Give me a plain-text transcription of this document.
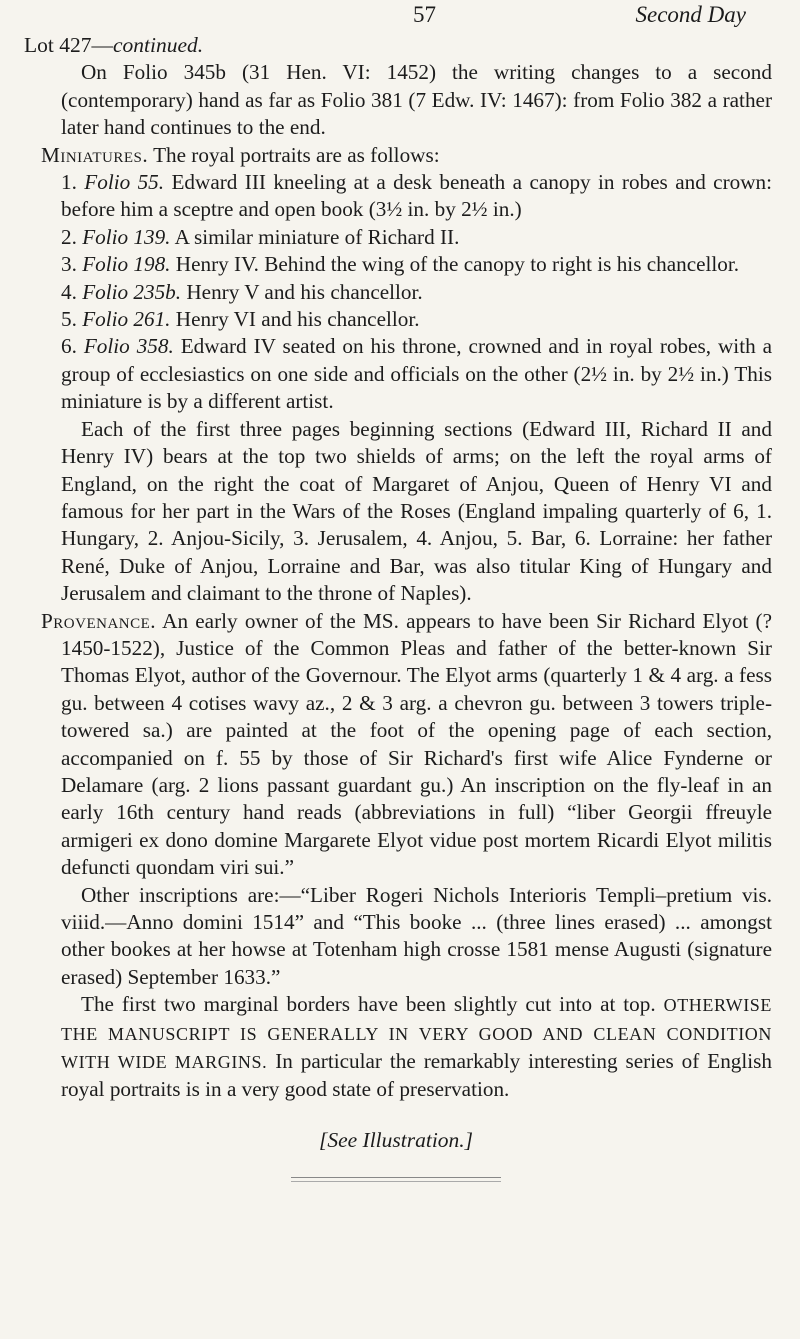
57	Second Day
Lot 427—continued.

On Folio 345b (31 Hen. VI: 1452) the writing changes to a second (contemporary) hand as far as Folio 381 (7 Edw. IV: 1467): from Folio 382 a rather later hand continues to the end.

Miniatures. The royal portraits are as follows:

1. Folio 55. Edward III kneeling at a desk beneath a canopy in robes and crown: before him a sceptre and open book (3½ in. by 2½ in.)

2. Folio 139. A similar miniature of Richard II.

3. Folio 198. Henry IV. Behind the wing of the canopy to right is his chancellor.

4. Folio 235b. Henry V and his chancellor.

5. Folio 261. Henry VI and his chancellor.

6. Folio 358. Edward IV seated on his throne, crowned and in royal robes, with a group of ecclesiastics on one side and officials on the other (2½ in. by 2½ in.) This miniature is by a different artist.

Each of the first three pages beginning sections (Edward III, Richard II and Henry IV) bears at the top two shields of arms; on the left the royal arms of England, on the right the coat of Margaret of Anjou, Queen of Henry VI and famous for her part in the Wars of the Roses (England impaling quarterly of 6, 1. Hungary, 2. Anjou-Sicily, 3. Jerusalem, 4. Anjou, 5. Bar, 6. Lorraine: her father René, Duke of Anjou, Lorraine and Bar, was also titular King of Hungary and Jerusalem and claimant to the throne of Naples).

Provenance. An early owner of the MS. appears to have been Sir Richard Elyot (?1450-1522), Justice of the Common Pleas and father of the better-known Sir Thomas Elyot, author of the Governour. The Elyot arms (quarterly 1 & 4 arg. a fess gu. between 4 cotises wavy az., 2 & 3 arg. a chevron gu. between 3 towers triple-towered sa.) are painted at the foot of the opening page of each section, accompanied on f. 55 by those of Sir Richard's first wife Alice Fynderne or Delamare (arg. 2 lions passant guardant gu.) An inscription on the fly-leaf in an early 16th century hand reads (abbreviations in full) “liber Georgii ffreuyle armigeri ex dono domine Margarete Elyot vidue post mortem Ricardi Elyot militis defuncti quondam viri sui.”

Other inscriptions are:—“Liber Rogeri Nichols Interioris Templi–pretium vis. viiid.—Anno domini 1514” and “This booke ... (three lines erased) ... amongst other bookes at her howse at Totenham high crosse 1581 mense Augusti (signature erased) September 1633.”

The first two marginal borders have been slightly cut into at top. OTHERWISE THE MANUSCRIPT IS GENERALLY IN VERY GOOD AND CLEAN CONDITION WITH WIDE MARGINS. In particular the remarkably interesting series of English royal portraits is in a very good state of preservation.

[See Illustration.]
